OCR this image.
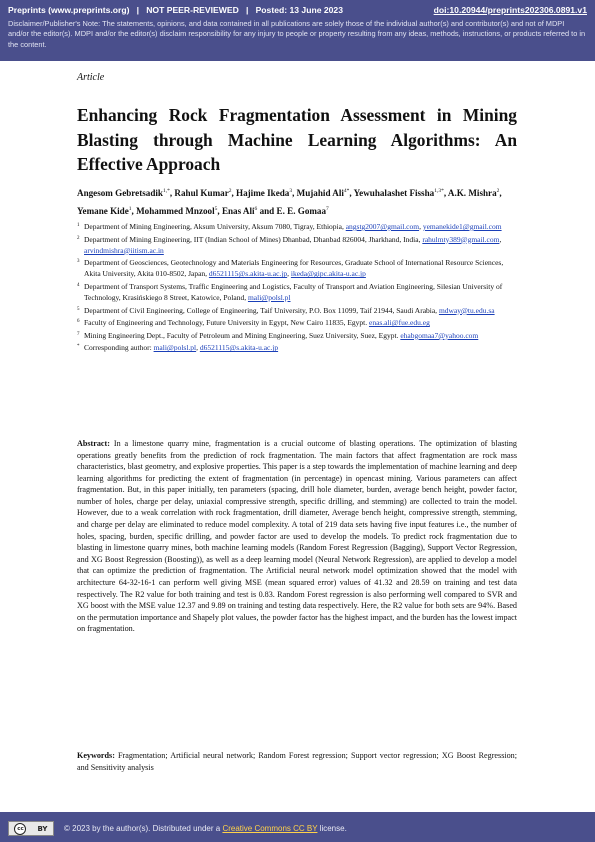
Preprints (www.preprints.org) | NOT PEER-REVIEWED | Posted: 13 June 2023	doi:10.20944/preprints202306.0891.v1
Disclaimer/Publisher's Note: The statements, opinions, and data contained in all publications are solely those of the individual author(s) and contributor(s) and not of MDPI and/or the editor(s). MDPI and/or the editor(s) disclaim responsibility for any injury to people or property resulting from any ideas, methods, instructions, or products referred to in the content.
Article
Enhancing Rock Fragmentation Assessment in Mining Blasting through Machine Learning Algorithms: An Effective Approach

Angesom Gebretsadik$^{1,*}$, Rahul Kumar$^2$, Hajime Ikeda$^3$, Mujahid Ali$^{4*}$, Yewuhalashet Fissha$^{1,3*}$, A.K. Mishra$^2$, Yemane Kide$^1$, Mohammed Mnzool$^5$, Enas Ali$^6$ and E. E. Gomaa$^7$

1 Department of Mining Engineering, Aksum University, Aksum 7080, Tigray, Ethiopia, angstg2007@gmail.com, yemanekide1@gmail.com
2 Department of Mining Engineering, IIT (Indian School of Mines) Dhanbad, Dhanbad 826004, Jharkhand, India, rahulmty389@gmail.com, arvindmishra@iitism.ac.in
3 Department of Geosciences, Geotechnology and Materials Engineering for Resources, Graduate School of International Resource Sciences, Akita University, Akita 010-8502, Japan, d6521115@s.akita-u.ac.jp, ikeda@gipc.akita-u.ac.jp
4 Department of Transport Systems, Traffic Engineering and Logistics, Faculty of Transport and Aviation Engineering, Silesian University of Technology, Krasińskiego 8 Street, Katowice, Poland, mali@polsl.pl
5 Department of Civil Engineering, College of Engineering, Taif University, P.O. Box 11099, Taif 21944, Saudi Arabia, mdway@tu.edu.sa
6 Faculty of Engineering and Technology, Future University in Egypt, New Cairo 11835, Egypt. enas.ali@fue.edu.eg
7 Mining Engineering Dept., Faculty of Petroleum and Mining Engineering, Suez University, Suez, Egypt. ehabgomaa7@yahoo.com
* Corresponding author: mali@polsl.pl, d6521115@s.akita-u.ac.jp

Abstract: In a limestone quarry mine, fragmentation is a crucial outcome of blasting operations. The optimization of blasting operations greatly benefits from the prediction of rock fragmentation. The main factors that affect fragmentation are rock mass characteristics, blast geometry, and explosive properties. This paper is a step towards the implementation of machine learning and deep learning algorithms for predicting the extent of fragmentation (in percentage) in opencast mining. Various parameters can affect fragmentation. But, in this paper initially, ten parameters (spacing, drill hole diameter, burden, average bench height, powder factor, number of holes, charge per delay, uniaxial compressive strength, specific drilling, and stemming) are collected to train the model. However, due to a weak correlation with rock fragmentation, drill diameter, Average bench height, compressive strength, stemming, and charge per delay are eliminated to reduce model complexity. A total of 219 data sets having five input features i.e., the number of holes, spacing, burden, specific drilling, and powder factor are used to develop the models. To predict rock fragmentation due to blasting in limestone quarry mines, both machine learning models (Random Forest Regression (Bagging), Support Vector Regression, and XG Boost Regression (Boosting)), as well as a deep learning model (Neural Network Regression), are applied to develop a model that can optimize the prediction of fragmentation. The Artificial neural network model optimization showed that the model with architecture 64-32-16-1 can perform well giving MSE (mean squared error) values of 41.32 and 28.59 on training and test data respectively. The R2 value for both training and test is 0.83. Random Forest regression is also performing well compared to SVR and XG boost with the MSE value 12.37 and 9.89 on training and testing data respectively. Here, the R2 value for both sets are 94%. Based on the permutation importance and Shapely plot values, the powder factor has the highest impact, and the burden has the lowest impact on fragmentation.

Keywords: Fragmentation; Artificial neural network; Random Forest regression; Support vector regression; XG Boost Regression; and Sensitivity analysis

cc	BY © 2023 by the author(s). Distributed under a Creative Commons CC BY license.
